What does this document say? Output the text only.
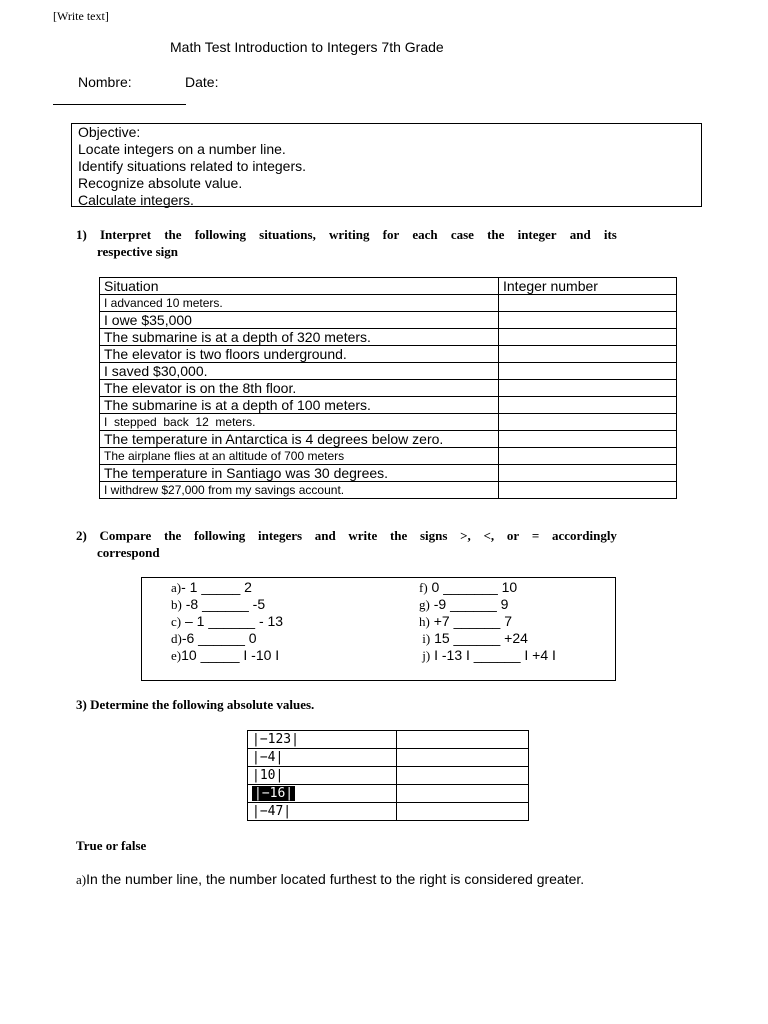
[Write text]
Math Test Introduction to Integers 7th Grade
Nombre:	Date:
Objective:
Locate integers on a number line.
Identify situations related to integers.
Recognize absolute value.
Calculate integers.
1) Interpret the following situations, writing for each case the integer and its
respective sign
Situation	Integer number
I advanced 10 meters.	
I owe $35,000	
The submarine is at a depth of 320 meters.	
The elevator is two floors underground.	
I saved $30,000.	
The elevator is on the 8th floor.	
The submarine is at a depth of 100 meters.	
I  stepped  back  12  meters.	
The temperature in Antarctica is 4 degrees below zero.	
The airplane flies at an altitude of 700 meters	
The temperature in Santiago was 30 degrees.	
I withdrew $27,000 from my savings account.	
2) Compare the following integers and write the signs >, <, or = accordingly
correspond
a)- 1 _____ 2
b) -8 ______ -5
c) – 1 ______ - 13
d)-6 ______ 0
e)10 _____ I -10 I
f) 0 _______ 10
g) -9 ______ 9
h) +7 ______ 7
i) 15 ______ +24
j) I -13 I ______ I +4 I
3) Determine the following absolute values.
|−123|	
|−4|	
|10|	
|−16|	
|−47|	
True or false
a)In the number line, the number located furthest to the right is considered greater.
